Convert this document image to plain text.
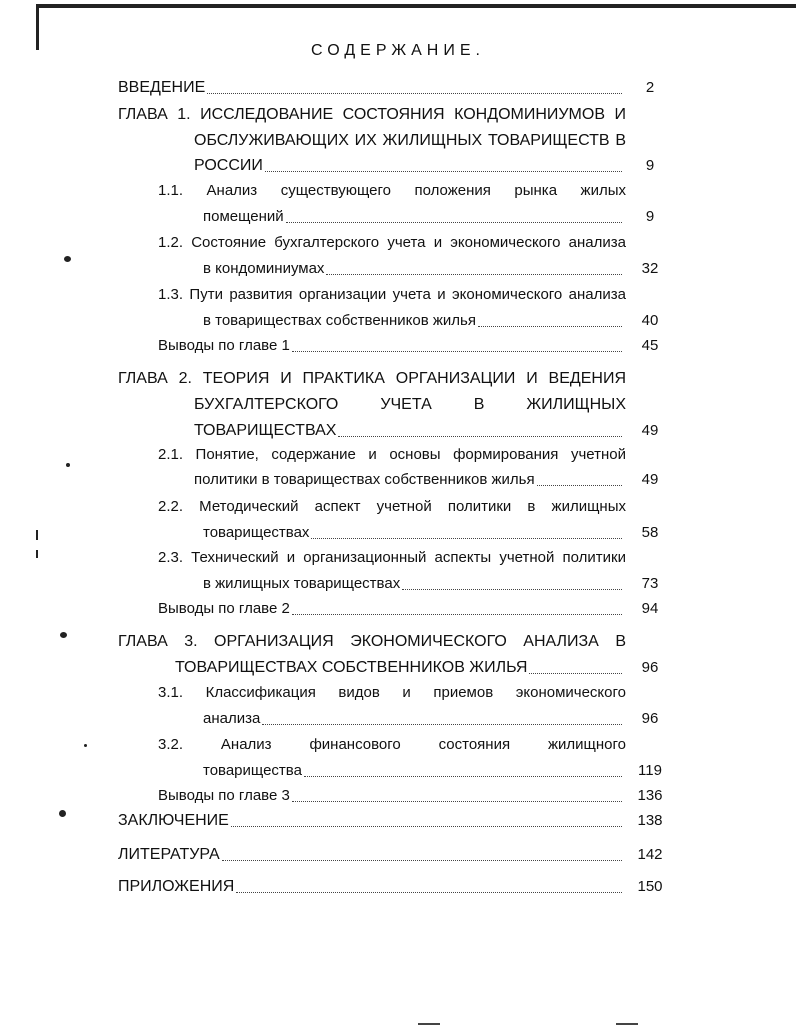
СОДЕРЖАНИЕ.
ВВЕДЕНИЕ	2
ГЛАВА 1. ИССЛЕДОВАНИЕ СОСТОЯНИЯ КОНДОМИНИУМОВ И
ОБСЛУЖИВАЮЩИХ ИХ ЖИЛИЩНЫХ ТОВАРИЩЕСТВ В
РОССИИ	9
1.1. Анализ существующего положения рынка жилых
помещений	9
1.2. Состояние бухгалтерского учета и экономического анализа
в кондоминиумах	32
1.3. Пути развития организации учета и экономического анализа
в товариществах собственников жилья	40
Выводы по главе 1	45
ГЛАВА 2. ТЕОРИЯ И ПРАКТИКА ОРГАНИЗАЦИИ И ВЕДЕНИЯ
БУХГАЛТЕРСКОГО УЧЕТА В ЖИЛИЩНЫХ
ТОВАРИЩЕСТВАХ	49
2.1. Понятие, содержание и основы формирования учетной
политики в товариществах собственников жилья	49
2.2. Методический аспект учетной политики в жилищных
товариществах	58
2.3. Технический и организационный аспекты учетной политики
в жилищных товариществах	73
Выводы по главе 2	94
ГЛАВА 3. ОРГАНИЗАЦИЯ ЭКОНОМИЧЕСКОГО АНАЛИЗА В
ТОВАРИЩЕСТВАХ СОБСТВЕННИКОВ ЖИЛЬЯ	96
3.1. Классификация видов и приемов экономического
анализа	96
3.2. Анализ финансового состояния жилищного
товарищества	119
Выводы по главе 3	136
ЗАКЛЮЧЕНИЕ	138
ЛИТЕРАТУРА	142
ПРИЛОЖЕНИЯ	150
